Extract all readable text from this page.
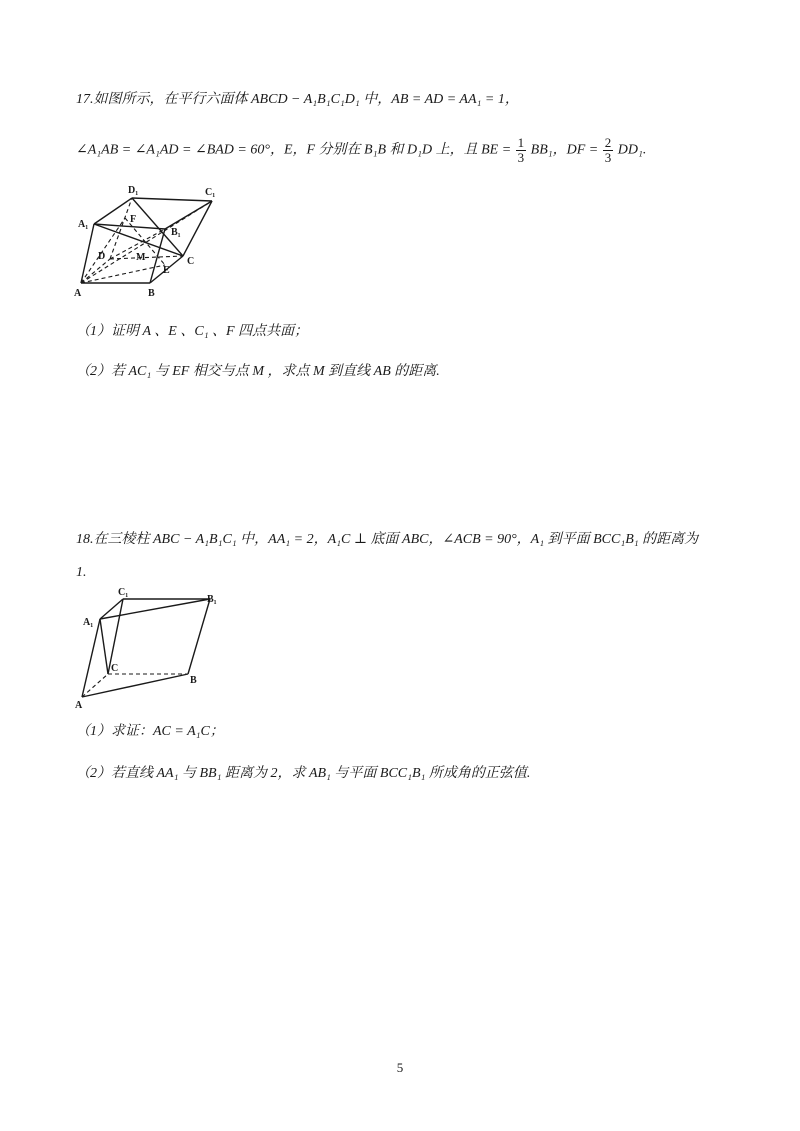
17.如图所示，在平行六面体 ABCD − A₁B₁C₁D₁ 中，AB = AD = AA₁ = 1，
∠A₁AB = ∠A₁AD = ∠BAD = 60°，E，F 分别在 B₁B 和 D₁D 上，且 BE = $\frac{1}{3} BB_1$，DF = $\frac{2}{3} DD_1$.
D₁	C₁
A₁	F
B₁
D	M
E
C
A	B
（1）证明 A 、E 、C₁ 、F 四点共面；
（2）若 AC₁ 与 EF 相交与点 M ，求点 M 到直线 AB 的距离.
18.在三棱柱 ABC − A₁B₁C₁ 中，AA₁ = 2，A₁C ⊥ 底面 ABC，∠ACB = 90°，A₁ 到平面 BCC₁B₁ 的距离为
1.
C₁
B₁
A₁
C
A
B
（1）求证：AC = A₁C；
（2）若直线 AA₁ 与 BB₁ 距离为 2，求 AB₁ 与平面 BCC₁B₁ 所成角的正弦值.
5
